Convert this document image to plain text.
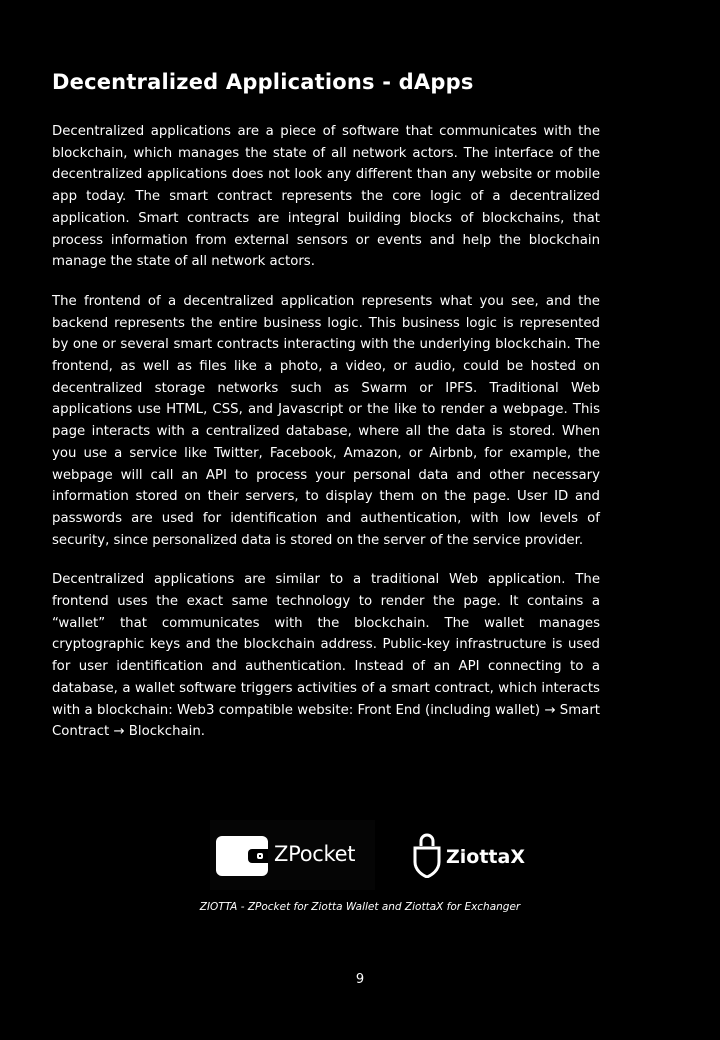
Decentralized Applications - dApps

Decentralized applications are a piece of software that communicates with the blockchain, which manages the state of all network actors. The interface of the decentralized applications does not look any different than any website or mobile app today. The smart contract represents the core logic of a decentralized application. Smart contracts are integral building blocks of blockchains, that process information from external sensors or events and help the blockchain manage the state of all network actors.

The frontend of a decentralized application represents what you see, and the backend represents the entire business logic. This business logic is represented by one or several smart contracts interacting with the underlying blockchain. The frontend, as well as files like a photo, a video, or audio, could be hosted on decentralized storage networks such as Swarm or IPFS. Traditional Web applications use HTML, CSS, and Javascript or the like to render a webpage. This page interacts with a centralized database, where all the data is stored. When you use a service like Twitter, Facebook, Amazon, or Airbnb, for example, the webpage will call an API to process your personal data and other necessary information stored on their servers, to display them on the page. User ID and passwords are used for identification and authentication, with low levels of security, since personalized data is stored on the server of the service provider.

Decentralized applications are similar to a traditional Web application. The frontend uses the exact same technology to render the page. It contains a “wallet” that communicates with the blockchain. The wallet manages cryptographic keys and the blockchain address. Public-key infrastructure is used for user identification and authentication. Instead of an API connecting to a database, a wallet software triggers activities of a smart contract, which interacts with a blockchain: Web3 compatible website: Front End (including wallet) → Smart Contract → Blockchain.

ZPocket	ZiottaX
ZIOTTA - ZPocket for Ziotta Wallet and ZiottaX for Exchanger
9
